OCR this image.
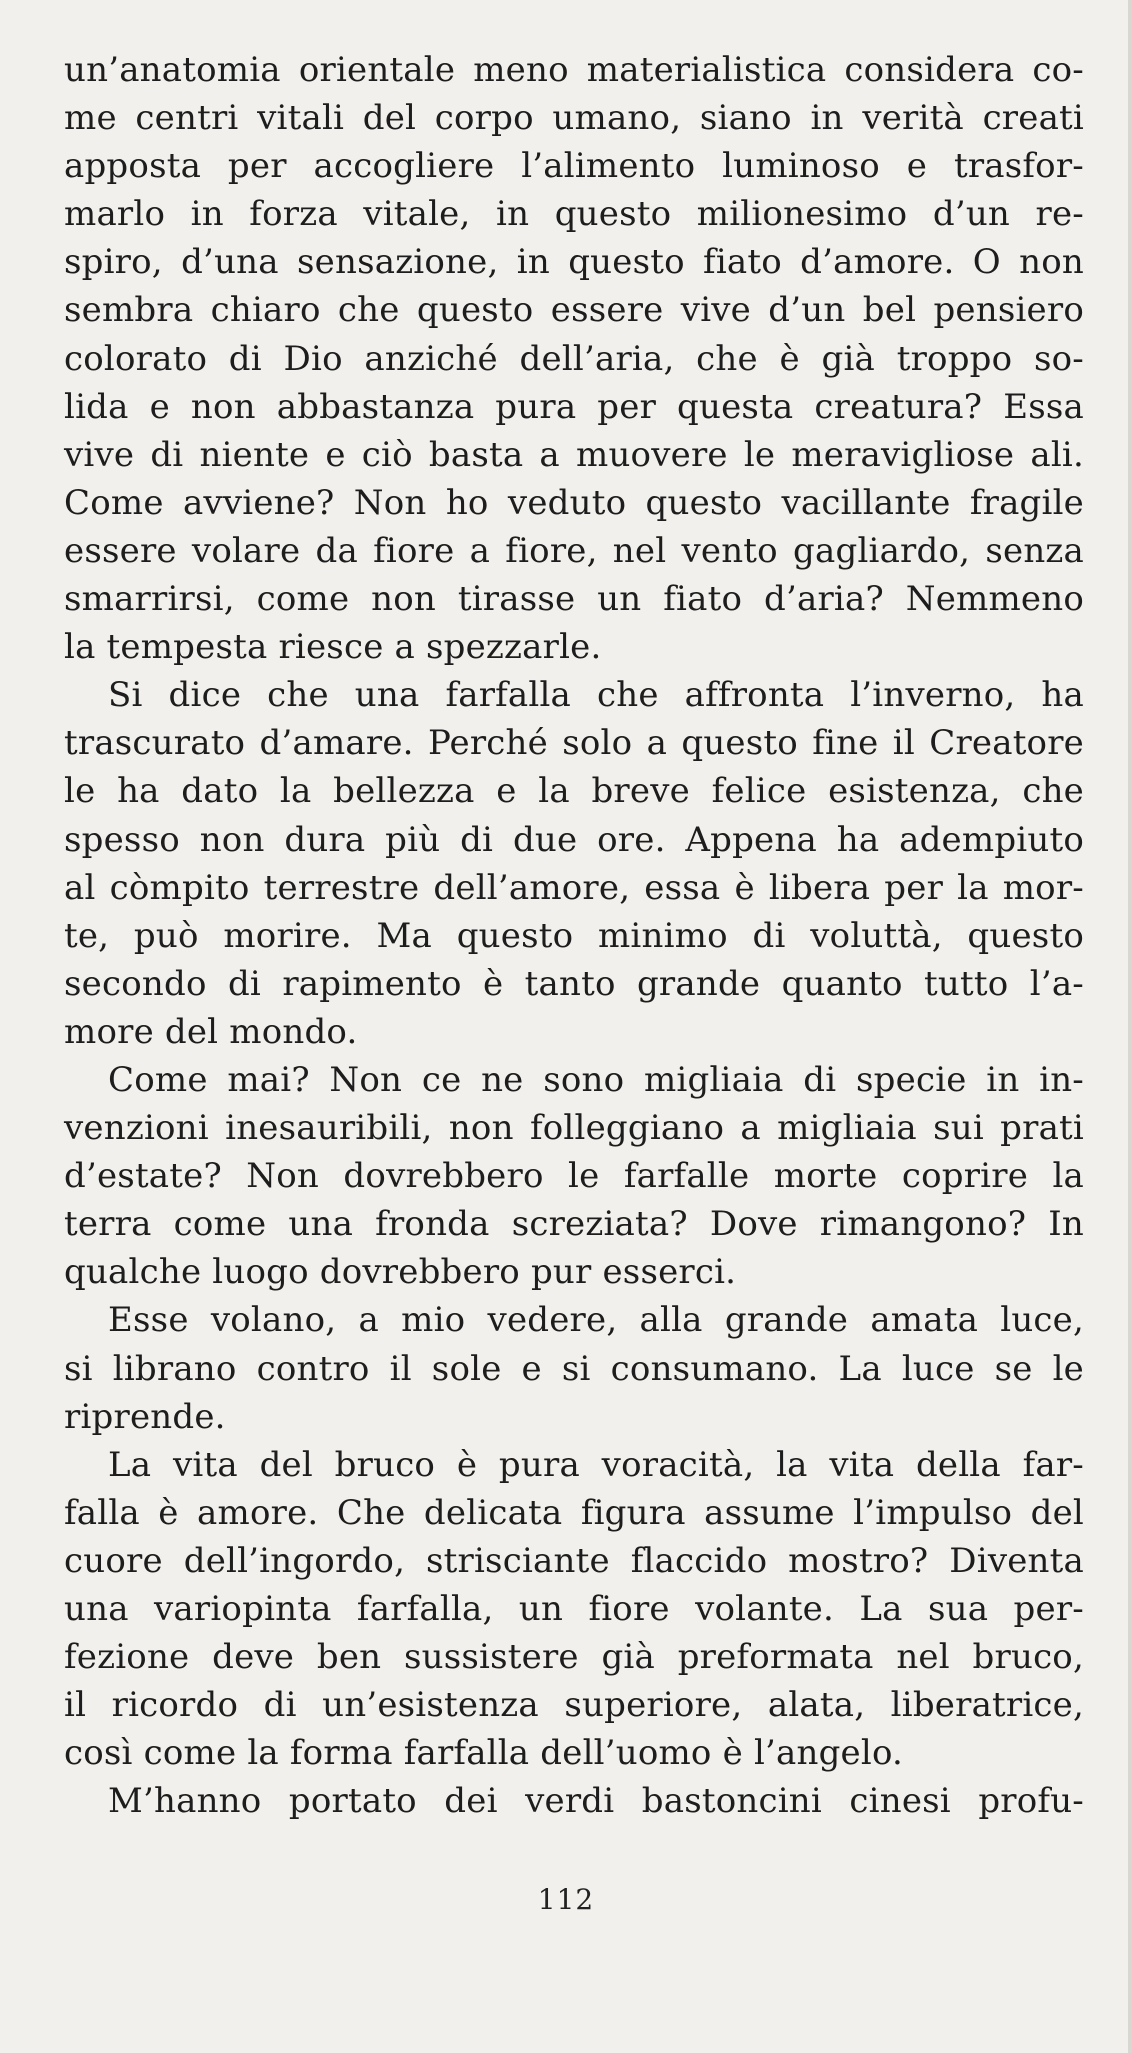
un’anatomia orientale meno materialistica considera co-
me centri vitali del corpo umano, siano in verità creati
apposta per accogliere l’alimento luminoso e trasfor-
marlo in forza vitale, in questo milionesimo d’un re-
spiro, d’una sensazione, in questo fiato d’amore. O non
sembra chiaro che questo essere vive d’un bel pensiero
colorato di Dio anziché dell’aria, che è già troppo so-
lida e non abbastanza pura per questa creatura? Essa
vive di niente e ciò basta a muovere le meravigliose ali.
Come avviene? Non ho veduto questo vacillante fragile
essere volare da fiore a fiore, nel vento gagliardo, senza
smarrirsi, come non tirasse un fiato d’aria? Nemmeno
la tempesta riesce a spezzarle.
Si dice che una farfalla che affronta l’inverno, ha
trascurato d’amare. Perché solo a questo fine il Creatore
le ha dato la bellezza e la breve felice esistenza, che
spesso non dura più di due ore. Appena ha adempiuto
al còmpito terrestre dell’amore, essa è libera per la mor-
te, può morire. Ma questo minimo di voluttà, questo
secondo di rapimento è tanto grande quanto tutto l’a-
more del mondo.
Come mai? Non ce ne sono migliaia di specie in in-
venzioni inesauribili, non folleggiano a migliaia sui prati
d’estate? Non dovrebbero le farfalle morte coprire la
terra come una fronda screziata? Dove rimangono? In
qualche luogo dovrebbero pur esserci.
Esse volano, a mio vedere, alla grande amata luce,
si librano contro il sole e si consumano. La luce se le
riprende.
La vita del bruco è pura voracità, la vita della far-
falla è amore. Che delicata figura assume l’impulso del
cuore dell’ingordo, strisciante flaccido mostro? Diventa
una variopinta farfalla, un fiore volante. La sua per-
fezione deve ben sussistere già preformata nel bruco,
il ricordo di un’esistenza superiore, alata, liberatrice,
così come la forma farfalla dell’uomo è l’angelo.
M’hanno portato dei verdi bastoncini cinesi profu-
112
